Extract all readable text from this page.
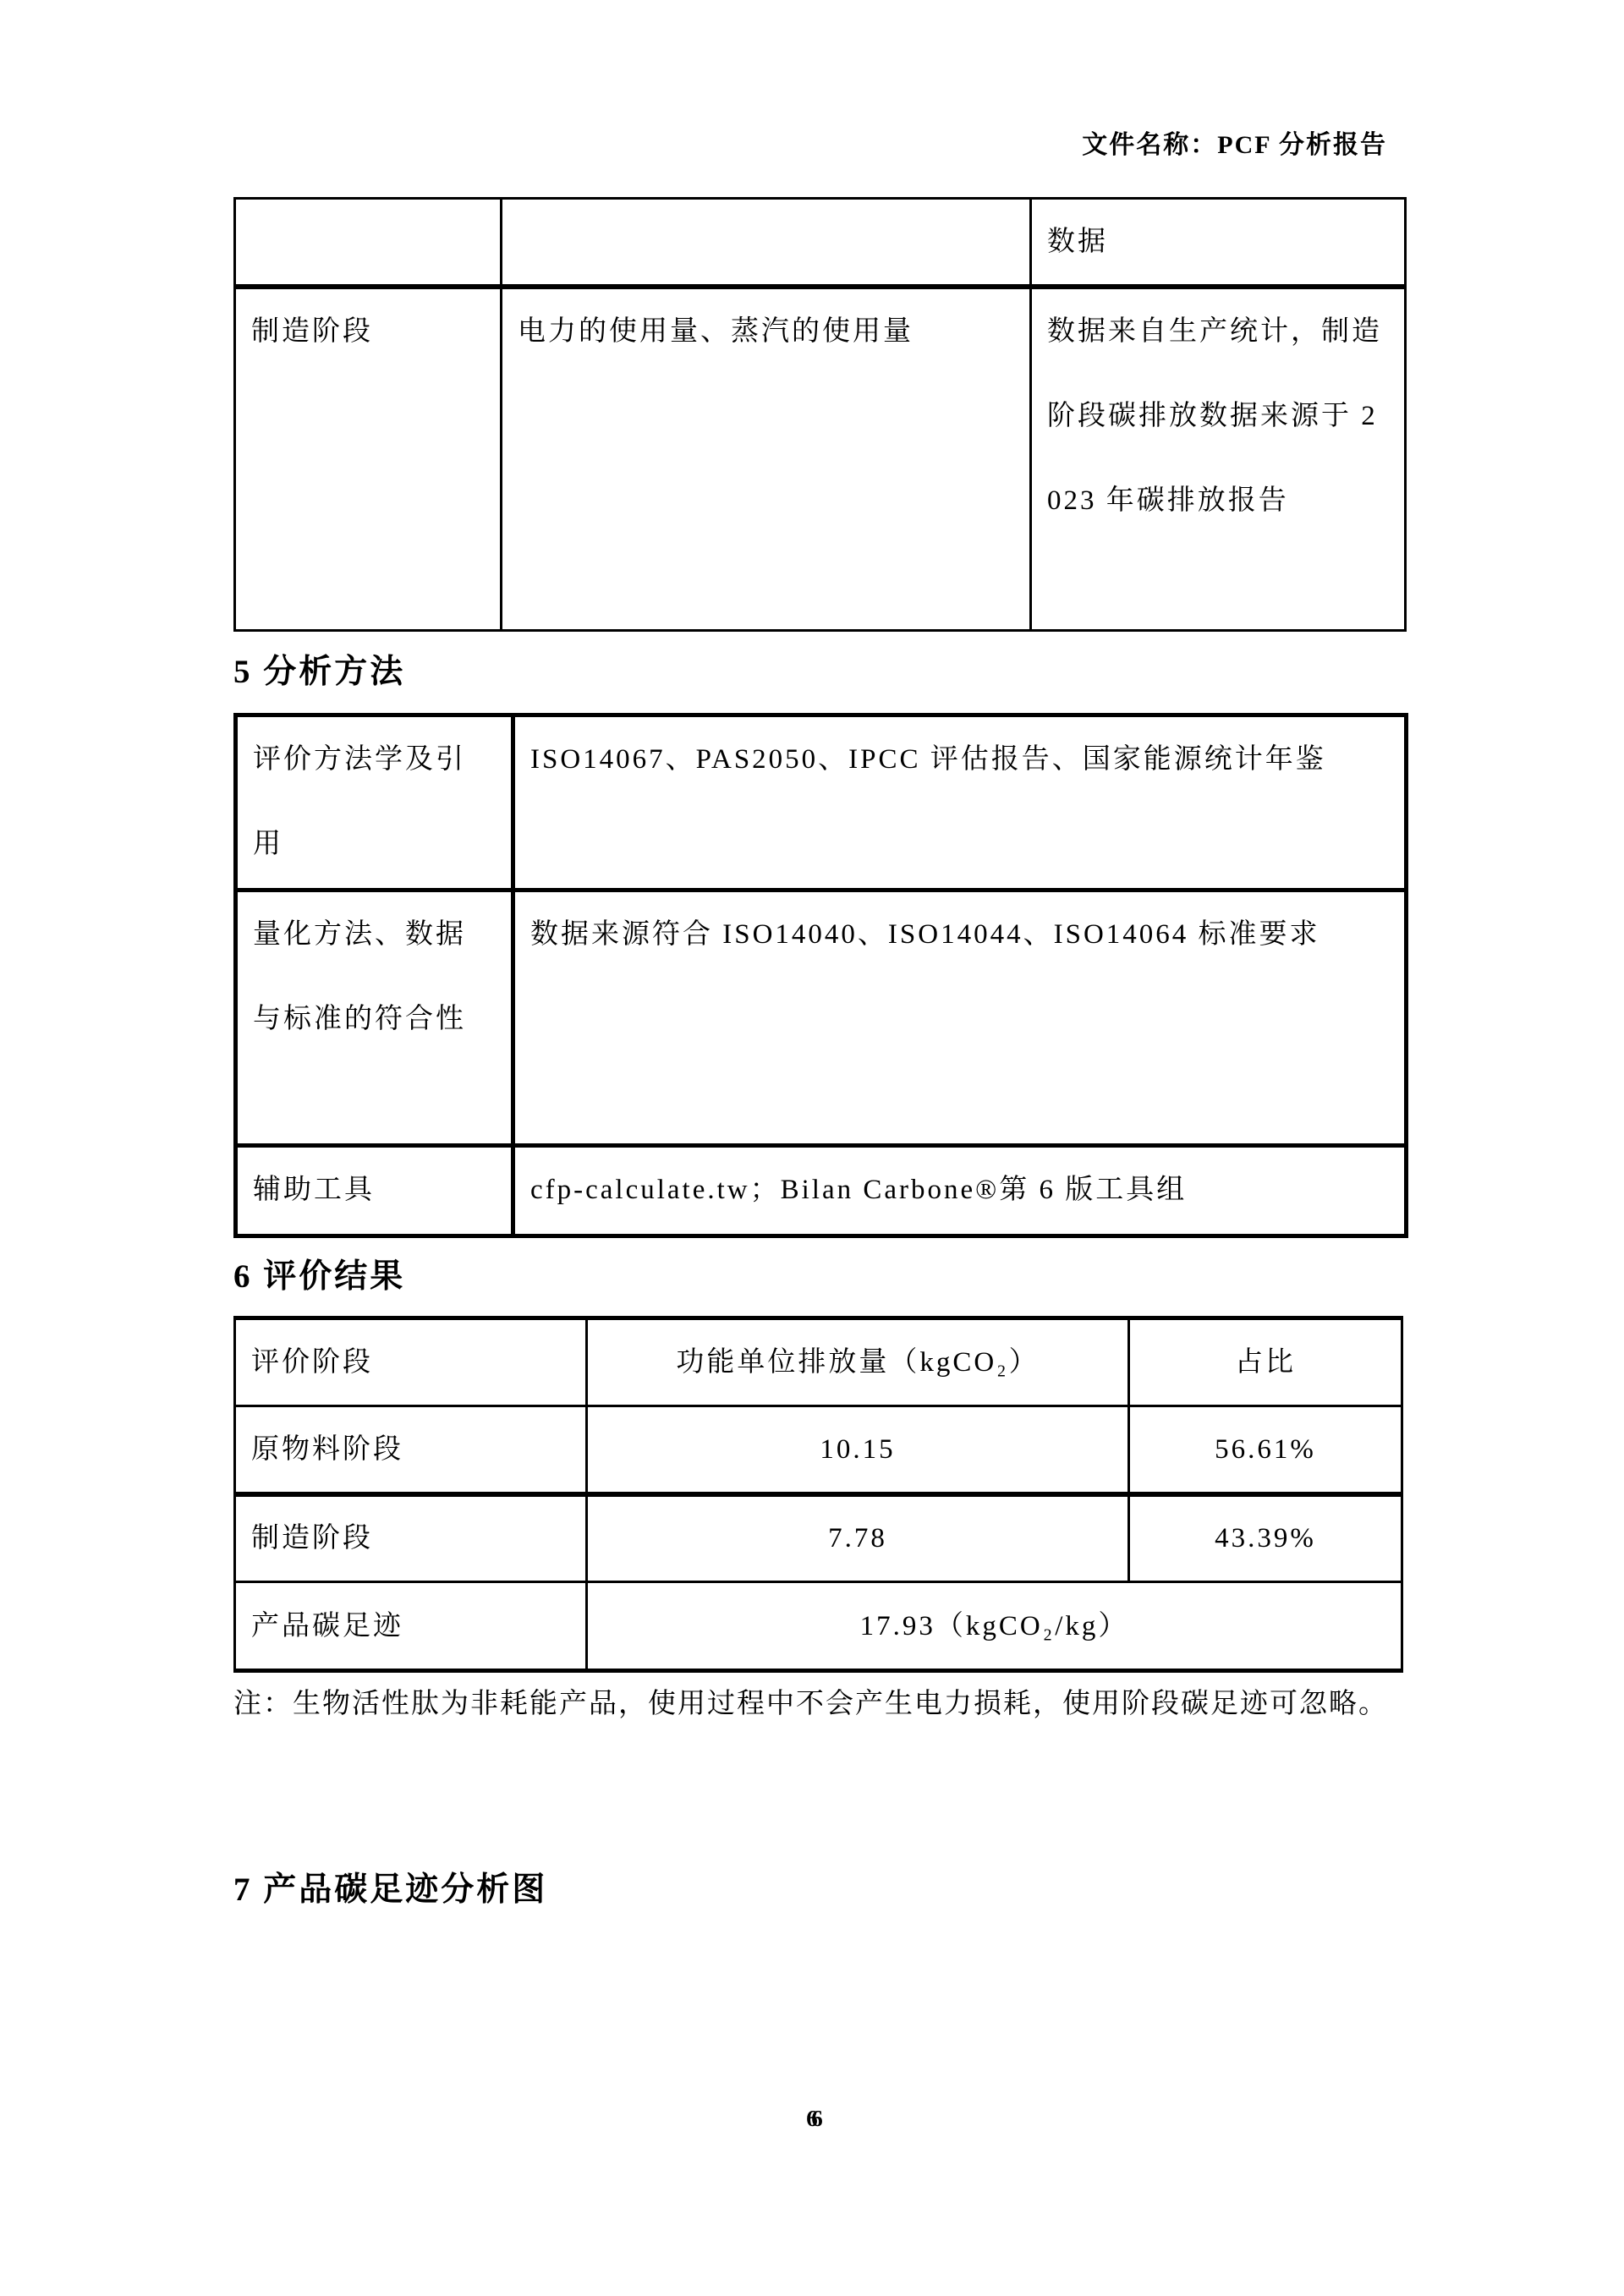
文件名称：PCF 分析报告
		数据
制造阶段	电力的使用量、蒸汽的使用量	数据来自生产统计，制造阶段碳排放数据来源于 2023 年碳排放报告
5 分析方法
评价方法学及引用	ISO14067、PAS2050、IPCC 评估报告、国家能源统计年鉴
量化方法、数据与标准的符合性	数据来源符合 ISO14040、ISO14044、ISO14064 标准要求
辅助工具	cfp-calculate.tw；Bilan Carbone®第 6 版工具组
6 评价结果
评价阶段	功能单位排放量（kgCO₂）	占比
原物料阶段	10.15	56.61%
制造阶段	7.78	43.39%
产品碳足迹	17.93（kgCO₂/kg）	
注：生物活性肽为非耗能产品，使用过程中不会产生电力损耗，使用阶段碳足迹可忽略。
7 产品碳足迹分析图
6
